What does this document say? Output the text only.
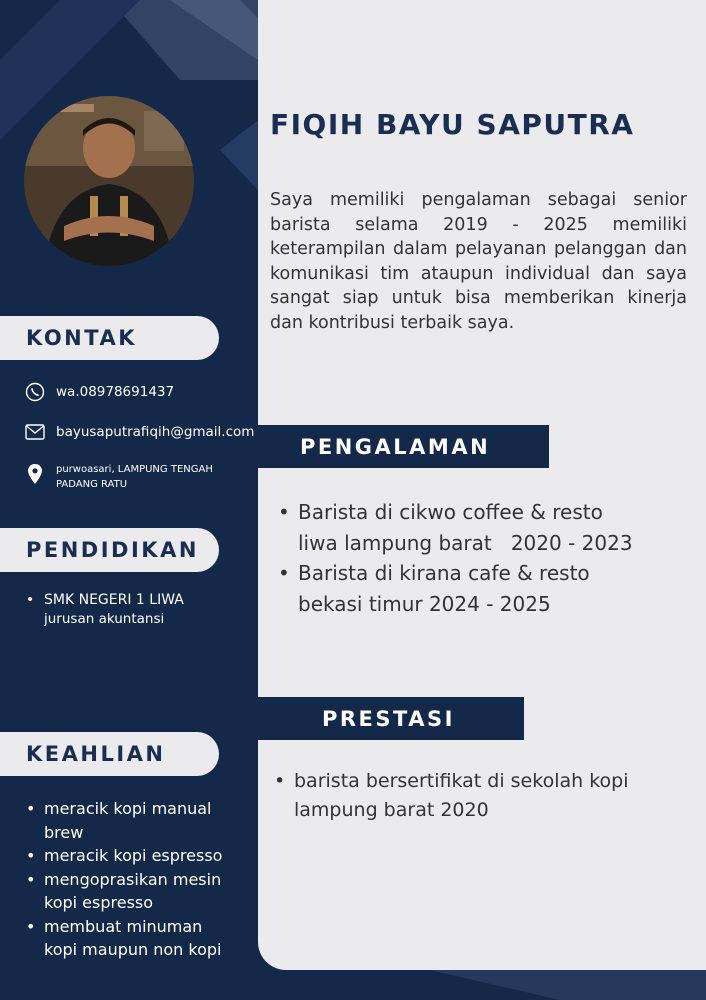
KONTAK
wa.08978691437
bayusaputrafiqih@gmail.com
purwoasari, LAMPUNG TENGAH
PADANG RATU
PENDIDIKAN
• SMK NEGERI 1 LIWA
jurusan akuntansi
KEAHLIAN
• meracik kopi manual brew
• meracik kopi espresso
• mengoprasikan mesin kopi espresso
• membuat minuman kopi maupun non kopi
FIQIH BAYU SAPUTRA
Saya memiliki pengalaman sebagai senior barista selama 2019 - 2025 memiliki keterampilan dalam pelayanan pelanggan dan komunikasi tim ataupun individual dan saya sangat siap untuk bisa memberikan kinerja dan kontribusi terbaik saya.
PENGALAMAN
• Barista di cikwo coffee & resto
liwa lampung barat   2020 - 2023
• Barista di kirana cafe & resto
bekasi timur 2024 - 2025
PRESTASI
• barista bersertifikat di sekolah kopi
lampung barat 2020
